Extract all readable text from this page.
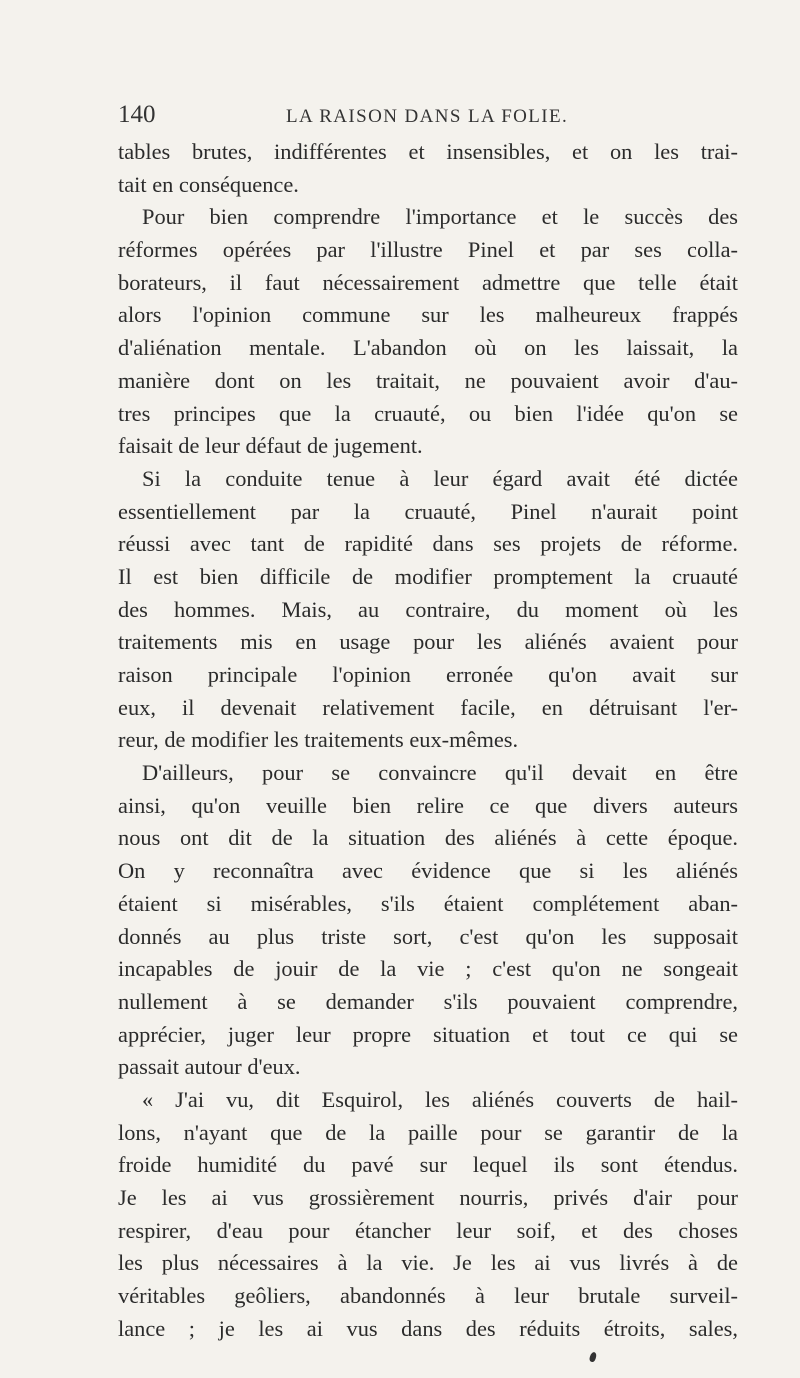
140	LA RAISON DANS LA FOLIE.
tables brutes, indifférentes et insensibles, et on les trai-
tait en conséquence.
Pour bien comprendre l'importance et le succès des
réformes opérées par l'illustre Pinel et par ses colla-
borateurs, il faut nécessairement admettre que telle était
alors l'opinion commune sur les malheureux frappés
d'aliénation mentale. L'abandon où on les laissait, la
manière dont on les traitait, ne pouvaient avoir d'au-
tres principes que la cruauté, ou bien l'idée qu'on se
faisait de leur défaut de jugement.
Si la conduite tenue à leur égard avait été dictée
essentiellement par la cruauté, Pinel n'aurait point
réussi avec tant de rapidité dans ses projets de réforme.
Il est bien difficile de modifier promptement la cruauté
des hommes. Mais, au contraire, du moment où les
traitements mis en usage pour les aliénés avaient pour
raison principale l'opinion erronée qu'on avait sur
eux, il devenait relativement facile, en détruisant l'er-
reur, de modifier les traitements eux-mêmes.
D'ailleurs, pour se convaincre qu'il devait en être
ainsi, qu'on veuille bien relire ce que divers auteurs
nous ont dit de la situation des aliénés à cette époque.
On y reconnaîtra avec évidence que si les aliénés
étaient si misérables, s'ils étaient complétement aban-
donnés au plus triste sort, c'est qu'on les supposait
incapables de jouir de la vie ; c'est qu'on ne songeait
nullement à se demander s'ils pouvaient comprendre,
apprécier, juger leur propre situation et tout ce qui se
passait autour d'eux.
« J'ai vu, dit Esquirol, les aliénés couverts de hail-
lons, n'ayant que de la paille pour se garantir de la
froide humidité du pavé sur lequel ils sont étendus.
Je les ai vus grossièrement nourris, privés d'air pour
respirer, d'eau pour étancher leur soif, et des choses
les plus nécessaires à la vie. Je les ai vus livrés à de
véritables geôliers, abandonnés à leur brutale surveil-
lance ; je les ai vus dans des réduits étroits, sales,
